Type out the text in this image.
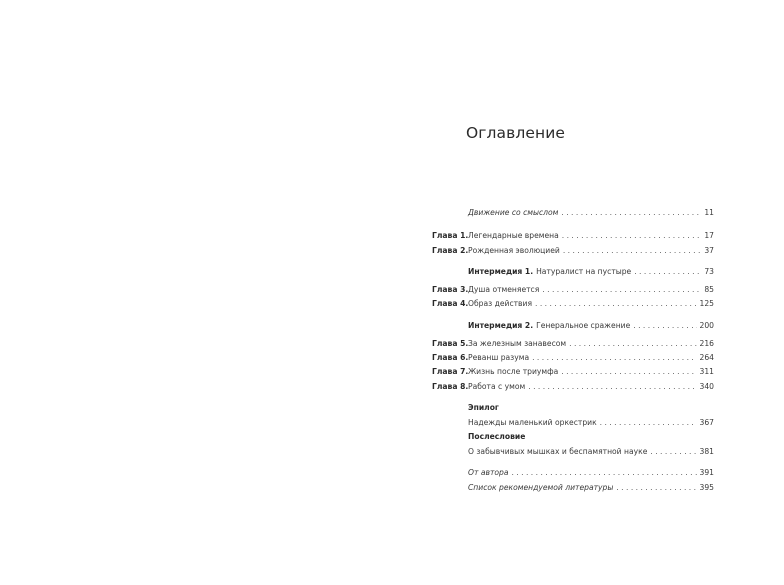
Оглавление
Движение со смыслом . . .	11
Глава 1. Легендарные времена . . .	17
Глава 2. Рожденная эволюцией . . .	37
Интермедия 1. Натуралист на пустыре . . .	73
Глава 3. Душа отменяется . . .	85
Глава 4. Образ действия . . .	125
Интермедия 2. Генеральное сражение . . .	200
Глава 5. За железным занавесом . . .	216
Глава 6. Реванш разума . . .	264
Глава 7. Жизнь после триумфа . . .	311
Глава 8. Работа с умом . . .	340
Эпилог
Надежды маленький оркестрик . . .	367
Послесловие
О забывчивых мышках и беспамятной науке . . .	381
От автора . . .	391
Список рекомендуемой литературы . . .	395
